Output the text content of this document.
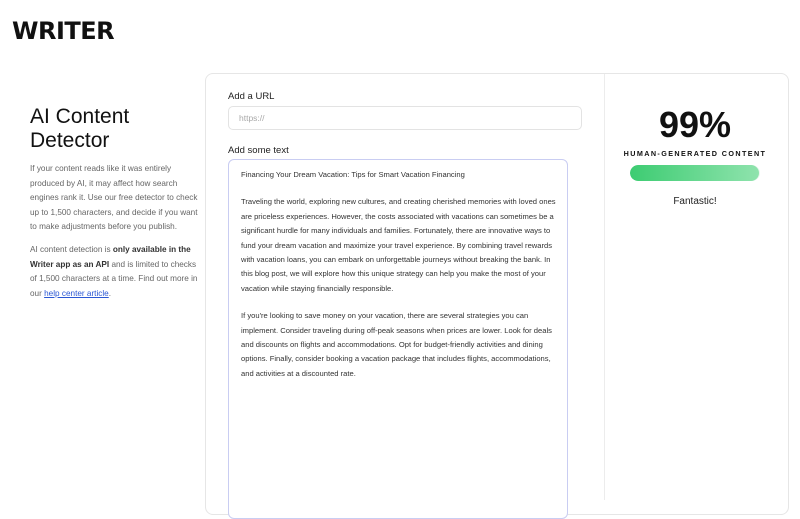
WRITER
AI Content Detector

If your content reads like it was entirely produced by AI, it may affect how search engines rank it. Use our free detector to check up to 1,500 characters, and decide if you want to make adjustments before you publish.

AI content detection is only available in the Writer app as an API and is limited to checks of 1,500 characters at a time. Find out more in our help center article.

Add a URL
https://
Add some text

Financing Your Dream Vacation: Tips for Smart Vacation Financing

Traveling the world, exploring new cultures, and creating cherished memories with loved ones are priceless experiences. However, the costs associated with vacations can sometimes be a significant hurdle for many individuals and families. Fortunately, there are innovative ways to fund your dream vacation and maximize your travel experience. By combining travel rewards with vacation loans, you can embark on unforgettable journeys without breaking the bank. In this blog post, we will explore how this unique strategy can help you make the most of your vacation while staying financially responsible.

If you're looking to save money on your vacation, there are several strategies you can implement. Consider traveling during off-peak seasons when prices are lower. Look for deals and discounts on flights and accommodations. Opt for budget-friendly activities and dining options. Finally, consider booking a vacation package that includes flights, accommodations, and activities at a discounted rate.

99%
HUMAN-GENERATED CONTENT
Fantastic!
